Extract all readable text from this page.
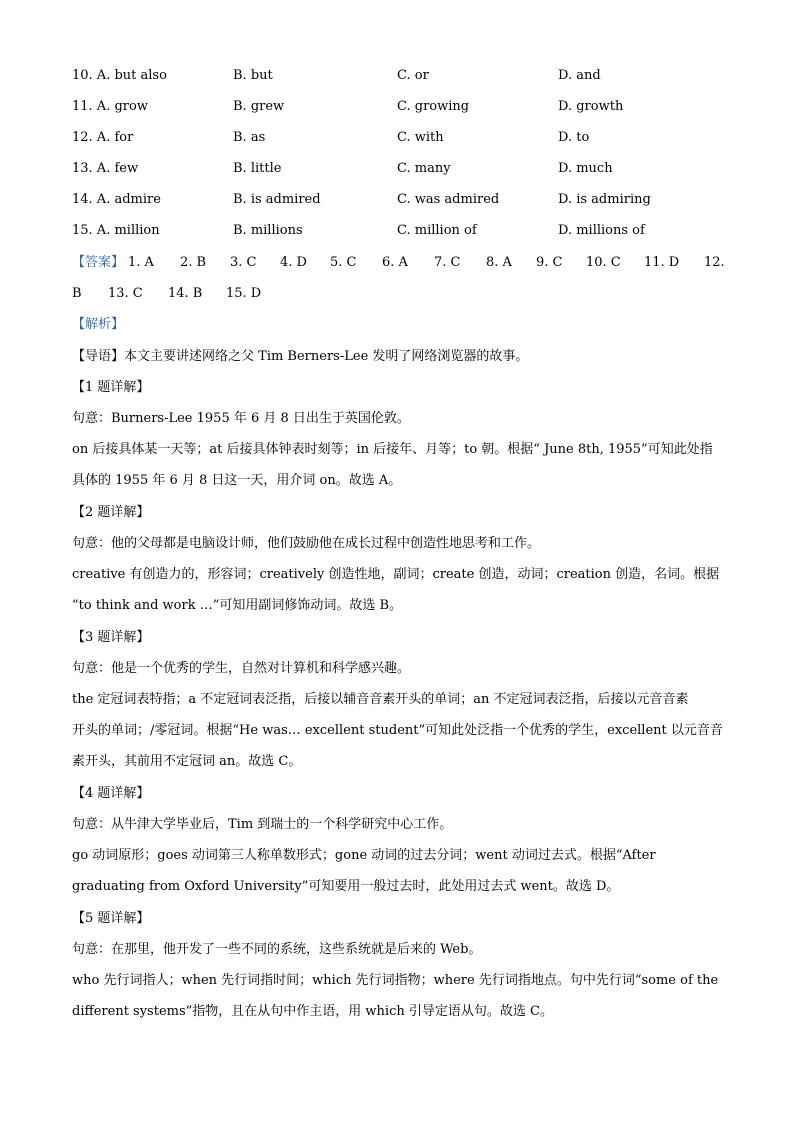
10. A. but also	B. but	C. or	D. and
11. A. grow	B. grew	C. growing	D. growth
12. A. for	B. as	C. with	D. to
13. A. few	B. little	C. many	D. much
14. A. admire	B. is admired	C. was admired	D. is admiring
15. A. million	B. millions	C. million of	D. millions of
【答案】 1. A 2. B 3. C 4. D 5. C 6. A 7. C 8. A 9. C 10. C 11. D 12.
B 13. C 14. B 15. D
【解析】
【导语】本文主要讲述网络之父 Tim Berners-Lee 发明了网络浏览器的故事。
【1 题详解】
句意：Burners-Lee 1955 年 6 月 8 日出生于英国伦敦。
on 后接具体某一天等；at 后接具体钟表时刻等；in 后接年、月等；to 朝。根据“ June 8th, 1955”可知此处指
具体的 1955 年 6 月 8 日这一天，用介词 on。故选 A。
【2 题详解】
句意：他的父母都是电脑设计师，他们鼓励他在成长过程中创造性地思考和工作。
creative 有创造力的，形容词；creatively 创造性地，副词；create 创造，动词；creation 创造，名词。根据
“to think and work …”可知用副词修饰动词。故选 B。
【3 题详解】
句意：他是一个优秀的学生，自然对计算机和科学感兴趣。
the 定冠词表特指；a 不定冠词表泛指，后接以辅音音素开头的单词；an 不定冠词表泛指，后接以元音音素
开头的单词；/零冠词。根据“He was… excellent student”可知此处泛指一个优秀的学生，excellent 以元音音
素开头，其前用不定冠词 an。故选 C。
【4 题详解】
句意：从牛津大学毕业后，Tim 到瑞士的一个科学研究中心工作。
go 动词原形；goes 动词第三人称单数形式；gone 动词的过去分词；went 动词过去式。根据“After
graduating from Oxford University”可知要用一般过去时，此处用过去式 went。故选 D。
【5 题详解】
句意：在那里，他开发了一些不同的系统，这些系统就是后来的 Web。
who 先行词指人；when 先行词指时间；which 先行词指物；where 先行词指地点。句中先行词“some of the
different systems”指物，且在从句中作主语，用 which 引导定语从句。故选 C。
